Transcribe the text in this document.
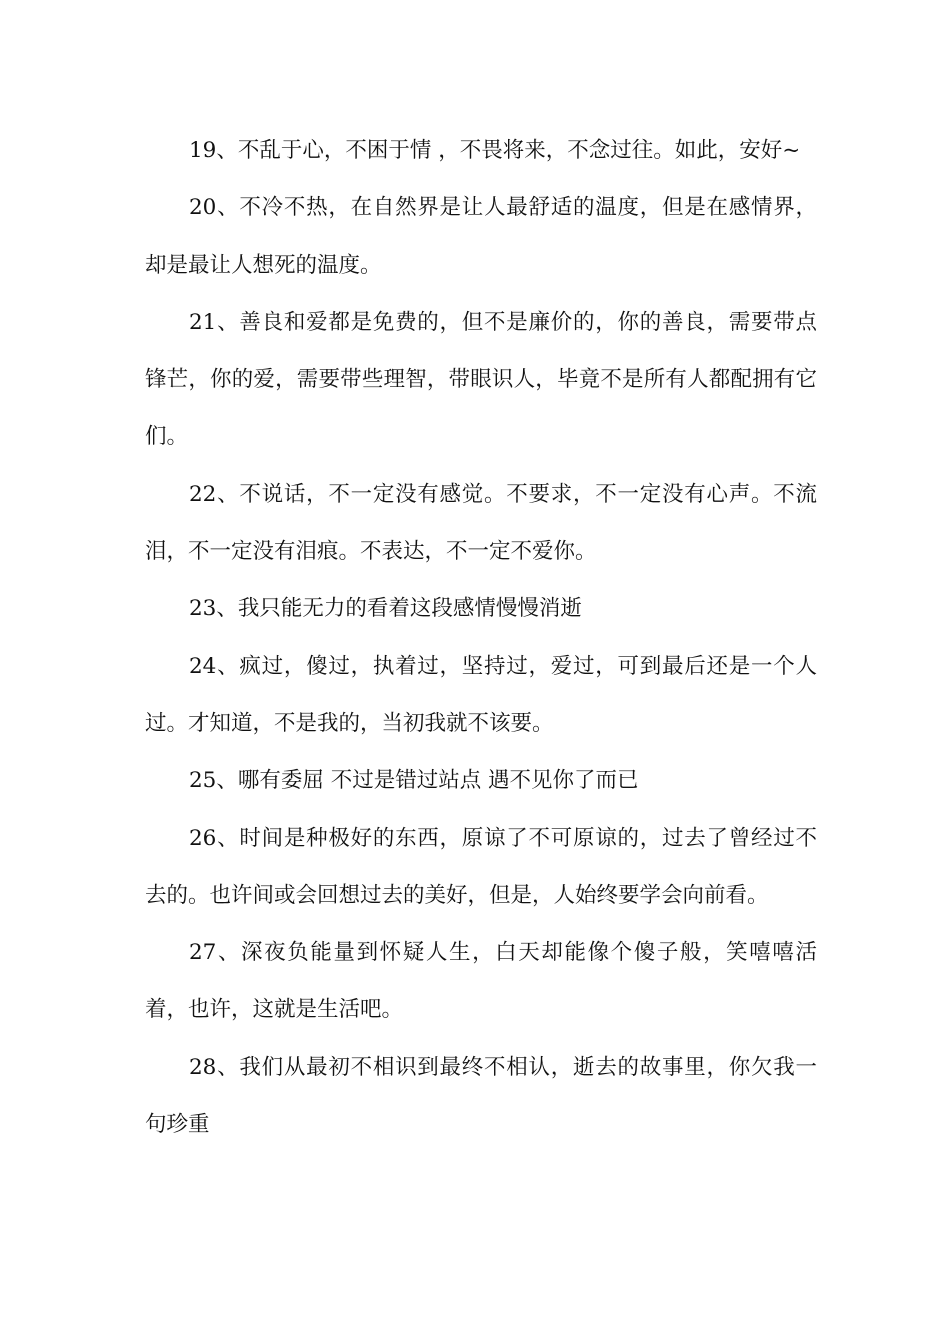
19、不乱于心，不困于情 ，不畏将来，不念过往。如此，安好~

20、不冷不热，在自然界是让人最舒适的温度，但是在感情界，却是最让人想死的温度。

21、善良和爱都是免费的，但不是廉价的，你的善良，需要带点锋芒，你的爱，需要带些理智，带眼识人，毕竟不是所有人都配拥有它们。

22、不说话，不一定没有感觉。不要求，不一定没有心声。不流泪，不一定没有泪痕。不表达，不一定不爱你。

23、我只能无力的看着这段感情慢慢消逝

24、疯过，傻过，执着过，坚持过，爱过，可到最后还是一个人过。才知道，不是我的，当初我就不该要。

25、哪有委屈 不过是错过站点 遇不见你了而已

26、时间是种极好的东西，原谅了不可原谅的，过去了曾经过不去的。也许间或会回想过去的美好，但是，人始终要学会向前看。

27、深夜负能量到怀疑人生，白天却能像个傻子般，笑嘻嘻活着，也许，这就是生活吧。

28、我们从最初不相识到最终不相认，逝去的故事里，你欠我一句珍重
